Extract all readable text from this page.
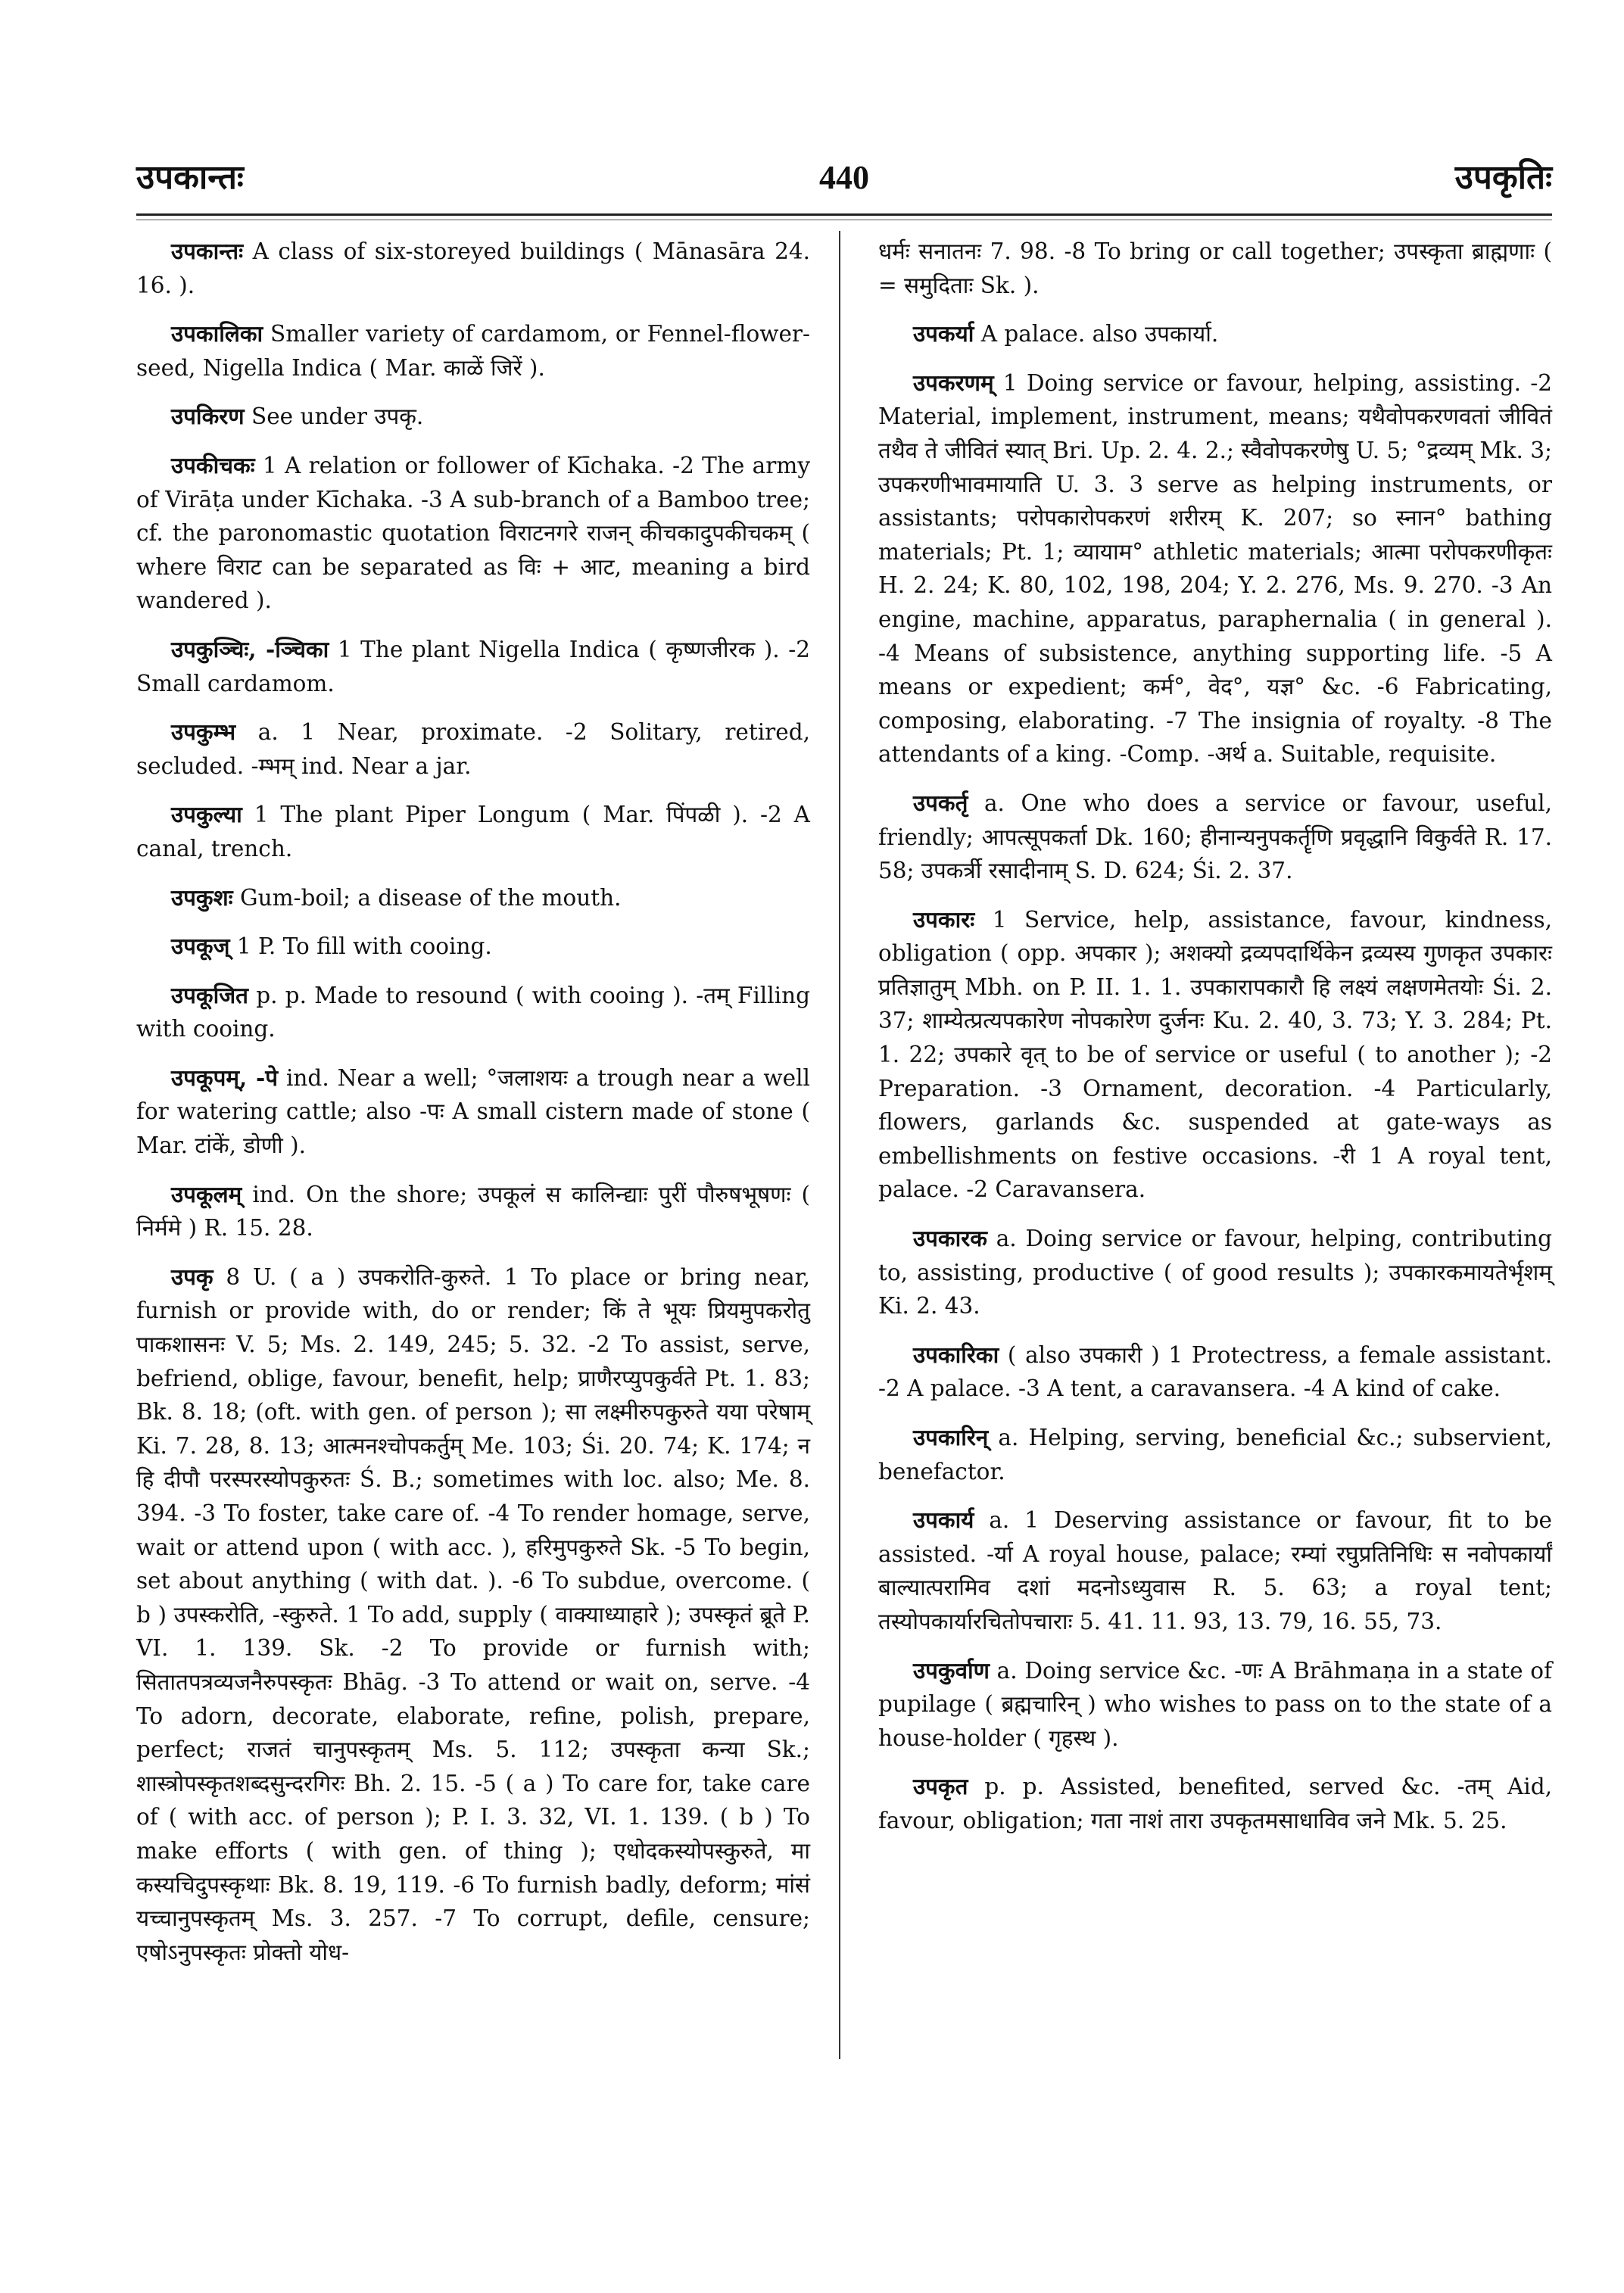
उपकान्तः	440	उपकृतिः

उपकान्तः A class of six-storeyed buildings ( Mānasāra 24. 16. ).

उपकालिका Smaller variety of cardamom, or Fennel-flower-seed, Nigella Indica ( Mar. काळें जिरें ).

उपकिरण See under उपकृ.

उपकीचकः 1 A relation or follower of Kīchaka. -2 The army of Virāṭa under Kīchaka. -3 A sub-branch of a Bamboo tree; cf. the paronomastic quotation विराटनगरे राजन् कीचकादुपकीचकम् ( where विराट can be separated as विः + आट, meaning a bird wandered ).

उपकुञ्चिः, -ञ्चिका 1 The plant Nigella Indica ( कृष्णजीरक ). -2 Small cardamom.

उपकुम्भ a. 1 Near, proximate. -2 Solitary, retired, secluded. -म्भम् ind. Near a jar.

उपकुल्या 1 The plant Piper Longum ( Mar. पिंपळी ). -2 A canal, trench.

उपकुशः Gum-boil; a disease of the mouth.

उपकूज् 1 P. To fill with cooing.

उपकूजित p. p. Made to resound ( with cooing ). -तम् Filling with cooing.

उपकूपम्, -पे ind. Near a well; °जलाशयः a trough near a well for watering cattle; also -पः A small cistern made of stone ( Mar. टांकें, डोणी ).

उपकूलम् ind. On the shore; उपकूलं स कालिन्द्याः पुरीं पौरुषभूषणः ( निर्ममे ) R. 15. 28.

उपकृ 8 U. ( a ) उपकरोति-कुरुते. 1 To place or bring near, furnish or provide with, do or render; किं ते भूयः प्रियमुपकरोतु पाकशासनः V. 5; Ms. 2. 149, 245; 5. 32. -2 To assist, serve, befriend, oblige, favour, benefit, help; प्राणैरप्युपकुर्वते Pt. 1. 83; Bk. 8. 18; (oft. with gen. of person ); सा लक्ष्मीरुपकुरुते यया परेषाम् Ki. 7. 28, 8. 13; आत्मनश्चोपकर्तुम् Me. 103; Śi. 20. 74; K. 174; न हि दीपौ परस्परस्योपकुरुतः Ś. B.; sometimes with loc. also; Me. 8. 394. -3 To foster, take care of. -4 To render homage, serve, wait or attend upon ( with acc. ), हरिमुपकुरुते Sk. -5 To begin, set about anything ( with dat. ). -6 To subdue, overcome. ( b ) उपस्करोति, -स्कुरुते. 1 To add, supply ( वाक्याध्याहारे ); उपस्कृतं ब्रूते P. VI. 1. 139. Sk. -2 To provide or furnish with; सितातपत्रव्यजनैरुपस्कृतः Bhāg. -3 To attend or wait on, serve. -4 To adorn, decorate, elaborate, refine, polish, prepare, perfect; राजतं चानुपस्कृतम् Ms. 5. 112; उपस्कृता कन्या Sk.; शास्त्रोपस्कृतशब्दसुन्दरगिरः Bh. 2. 15. -5 ( a ) To care for, take care of ( with acc. of person ); P. I. 3. 32, VI. 1. 139. ( b ) To make efforts ( with gen. of thing ); एधोदकस्योपस्कुरुते, मा कस्यचिदुपस्कृथाः Bk. 8. 19, 119. -6 To furnish badly, deform; मांसं यच्चानुपस्कृतम् Ms. 3. 257. -7 To corrupt, defile, censure; एषोऽनुपस्कृतः प्रोक्तो योध-

धर्मः सनातनः 7. 98. -8 To bring or call together; उपस्कृता ब्राह्मणाः ( = समुदिताः Sk. ).

उपकर्या A palace. also उपकार्या.

उपकरणम् 1 Doing service or favour, helping, assisting. -2 Material, implement, instrument, means; यथैवोपकरणवतां जीवितं तथैव ते जीवितं स्यात् Bri. Up. 2. 4. 2.; स्वैवोपकरणेषु U. 5; °द्रव्यम् Mk. 3; उपकरणीभावमायाति U. 3. 3 serve as helping instruments, or assistants; परोपकारोपकरणं शरीरम् K. 207; so स्नान° bathing materials; Pt. 1; व्यायाम° athletic materials; आत्मा परोपकरणीकृतः H. 2. 24; K. 80, 102, 198, 204; Y. 2. 276, Ms. 9. 270. -3 An engine, machine, apparatus, paraphernalia ( in general ). -4 Means of subsistence, anything supporting life. -5 A means or expedient; कर्म°, वेद°, यज्ञ° &c. -6 Fabricating, composing, elaborating. -7 The insignia of royalty. -8 The attendants of a king. -Comp. -अर्थ a. Suitable, requisite.

उपकर्तृ a. One who does a service or favour, useful, friendly; आपत्सूपकर्ता Dk. 160; हीनान्यनुपकर्तॄणि प्रवृद्धानि विकुर्वते R. 17. 58; उपकर्त्री रसादीनाम् S. D. 624; Śi. 2. 37.

उपकारः 1 Service, help, assistance, favour, kindness, obligation ( opp. अपकार ); अशक्यो द्रव्यपदार्थिकेन द्रव्यस्य गुणकृत उपकारः प्रतिज्ञातुम् Mbh. on P. II. 1. 1. उपकारापकारौ हि लक्ष्यं लक्षणमेतयोः Śi. 2. 37; शाम्येत्प्रत्यपकारेण नोपकारेण दुर्जनः Ku. 2. 40, 3. 73; Y. 3. 284; Pt. 1. 22; उपकारे वृत् to be of service or useful ( to another ); -2 Preparation. -3 Ornament, decoration. -4 Particularly, flowers, garlands &c. suspended at gate-ways as embellishments on festive occasions. -री 1 A royal tent, palace. -2 Caravansera.

उपकारक a. Doing service or favour, helping, contributing to, assisting, productive ( of good results ); उपकारकमायतेर्भृशम् Ki. 2. 43.

उपकारिका ( also उपकारी ) 1 Protectress, a female assistant. -2 A palace. -3 A tent, a caravansera. -4 A kind of cake.

उपकारिन् a. Helping, serving, beneficial &c.; subservient, benefactor.

उपकार्य a. 1 Deserving assistance or favour, fit to be assisted. -र्या A royal house, palace; रम्यां रघुप्रतिनिधिः स नवोपकार्यां बाल्यात्परामिव दशां मदनोऽध्युवास R. 5. 63; a royal tent; तस्योपकार्यारचितोपचाराः 5. 41. 11. 93, 13. 79, 16. 55, 73.

उपकुर्वाण a. Doing service &c. -णः A Brāhmaṇa in a state of pupilage ( ब्रह्मचारिन् ) who wishes to pass on to the state of a house-holder ( गृहस्थ ).

उपकृत p. p. Assisted, benefited, served &c. -तम् Aid, favour, obligation; गता नाशं तारा उपकृतमसाधाविव जने Mk. 5. 25.
